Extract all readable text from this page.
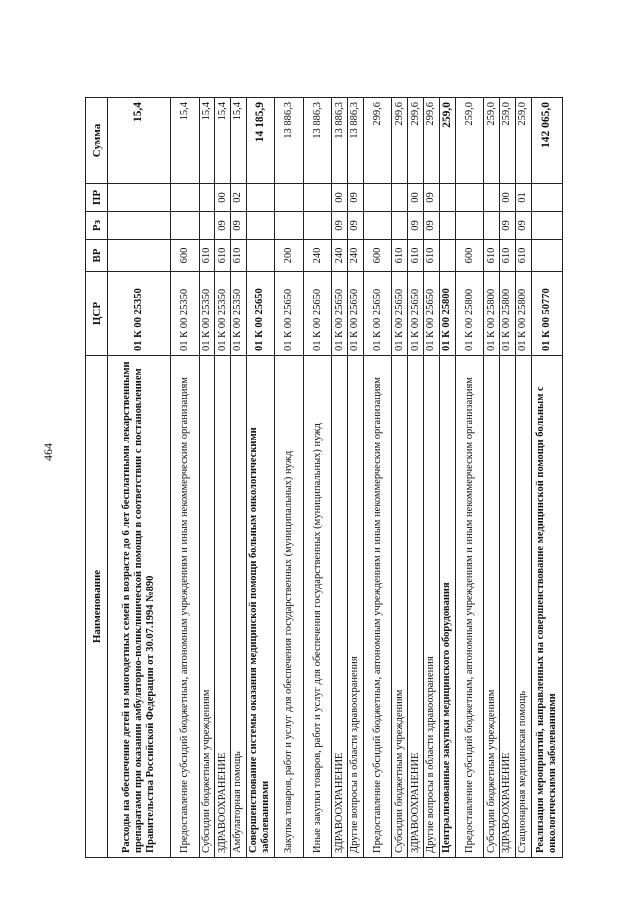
464
Наименование	ЦСР	ВР	Рз	ПР	Сумма
Расходы на обеспечение детей из многодетных семей в возрасте до 6 лет бесплатными лекарственными препаратами при оказании амбулаторно-поликлинической помощи в соответствии с постановлением Правительства Российской Федерации от 30.07.1994 №890	01 К 00 25350				15,4
Предоставление субсидий бюджетным, автономным учреждениям и иным некоммерческим организациям	01 К 00 25350	600			15,4
Субсидии бюджетным учреждениям	01 К 00 25350	610			15,4
ЗДРАВООХРАНЕНИЕ	01 К 00 25350	610	09	00	15,4
Амбулаторная помощь	01 К 00 25350	610	09	02	15,4
Совершенствование системы оказания медицинской помощи больным онкологическими заболеваниями	01 К 00 25650				14 185,9
Закупка товаров, работ и услуг для обеспечения государственных (муниципальных) нужд	01 К 00 25650	200			13 886,3
Иные закупки товаров, работ и услуг для обеспечения государственных (муниципальных) нужд	01 К 00 25650	240			13 886,3
ЗДРАВООХРАНЕНИЕ	01 К 00 25650	240	09	00	13 886,3
Другие вопросы в области здравоохранения	01 К 00 25650	240	09	09	13 886,3
Предоставление субсидий бюджетным, автономным учреждениям и иным некоммерческим организациям	01 К 00 25650	600			299,6
Субсидии бюджетным учреждениям	01 К 00 25650	610			299,6
ЗДРАВООХРАНЕНИЕ	01 К 00 25650	610	09	00	299,6
Другие вопросы в области здравоохранения	01 К 00 25650	610	09	09	299,6
Централизованные закупки медицинского оборудования	01 К 00 25800				259,0
Предоставление субсидий бюджетным, автономным учреждениям и иным некоммерческим организациям	01 К 00 25800	600			259,0
Субсидии бюджетным учреждениям	01 К 00 25800	610			259,0
ЗДРАВООХРАНЕНИЕ	01 К 00 25800	610	09	00	259,0
Стационарная медицинская помощь	01 К 00 25800	610	09	01	259,0
Реализация мероприятий, направленных на совершенствование медицинской помощи больным с онкологическими заболеваниями	01 К 00 50770				142 065,0
